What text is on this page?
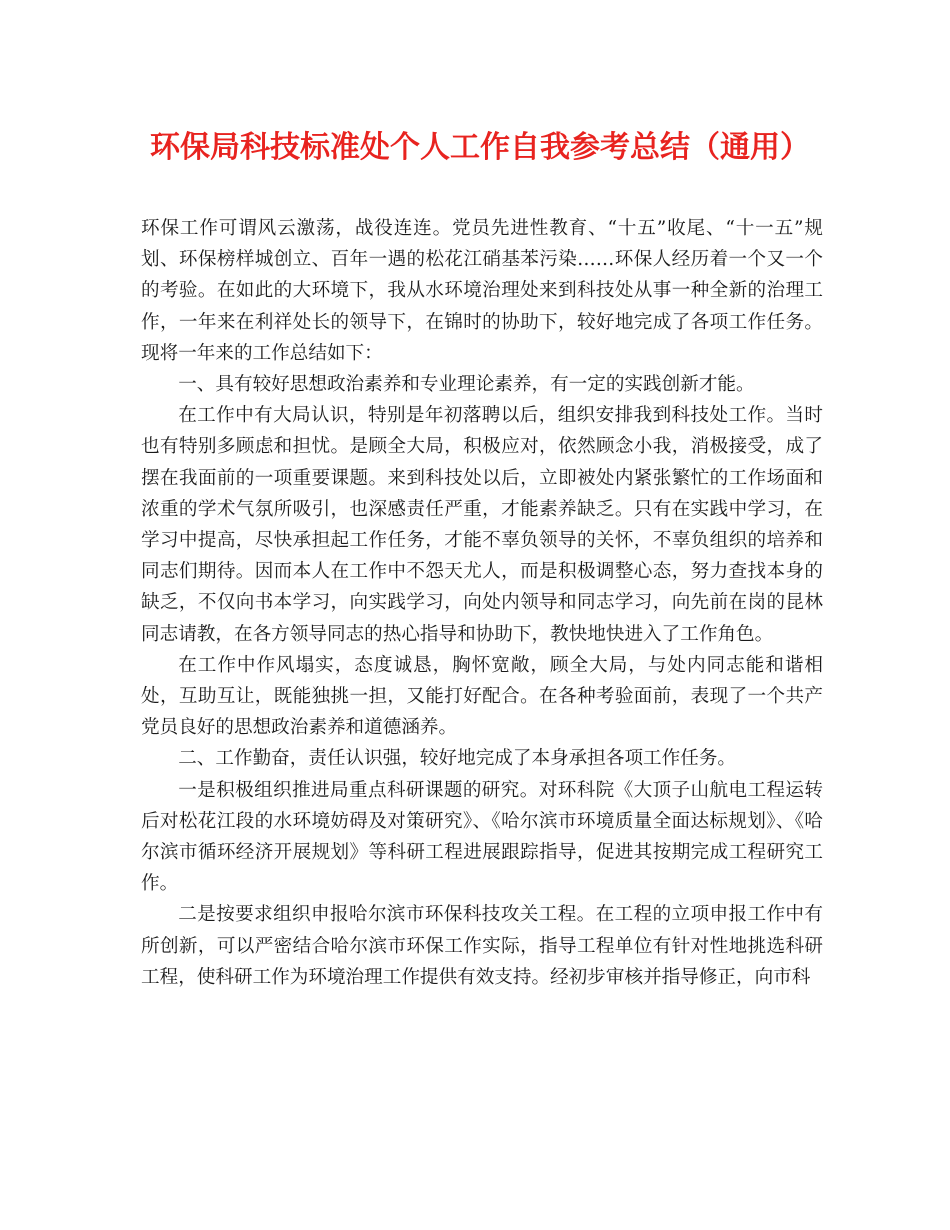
环保局科技标准处个人工作自我参考总结（通用）

环保工作可谓风云激荡，战役连连。党员先进性教育、“十五”收尾、“十一五”规划、环保榜样城创立、百年一遇的松花江硝基苯污染……环保人经历着一个又一个的考验。在如此的大环境下，我从水环境治理处来到科技处从事一种全新的治理工作，一年来在利祥处长的领导下，在锦时的协助下，较好地完成了各项工作任务。现将一年来的工作总结如下：

一、具有较好思想政治素养和专业理论素养，有一定的实践创新才能。

在工作中有大局认识，特别是年初落聘以后，组织安排我到科技处工作。当时也有特别多顾虑和担忧。是顾全大局，积极应对，依然顾念小我，消极接受，成了摆在我面前的一项重要课题。来到科技处以后，立即被处内紧张繁忙的工作场面和浓重的学术气氛所吸引，也深感责任严重，才能素养缺乏。只有在实践中学习，在学习中提高，尽快承担起工作任务，才能不辜负领导的关怀，不辜负组织的培养和同志们期待。因而本人在工作中不怨天尤人，而是积极调整心态，努力查找本身的缺乏，不仅向书本学习，向实践学习，向处内领导和同志学习，向先前在岗的昆林同志请教，在各方领导同志的热心指导和协助下，教快地快进入了工作角色。

在工作中作风塌实，态度诚恳，胸怀宽敞，顾全大局，与处内同志能和谐相处，互助互让，既能独挑一担，又能打好配合。在各种考验面前，表现了一个共产党员良好的思想政治素养和道德涵养。

二、工作勤奋，责任认识强，较好地完成了本身承担各项工作任务。

一是积极组织推进局重点科研课题的研究。对环科院《大顶子山航电工程运转后对松花江段的水环境妨碍及对策研究》、《哈尔滨市环境质量全面达标规划》、《哈尔滨市循环经济开展规划》等科研工程进展跟踪指导，促进其按期完成工程研究工作。

二是按要求组织申报哈尔滨市环保科技攻关工程。在工程的立项申报工作中有所创新，可以严密结合哈尔滨市环保工作实际，指导工程单位有针对性地挑选科研工程，使科研工作为环境治理工作提供有效支持。经初步审核并指导修正，向市科
